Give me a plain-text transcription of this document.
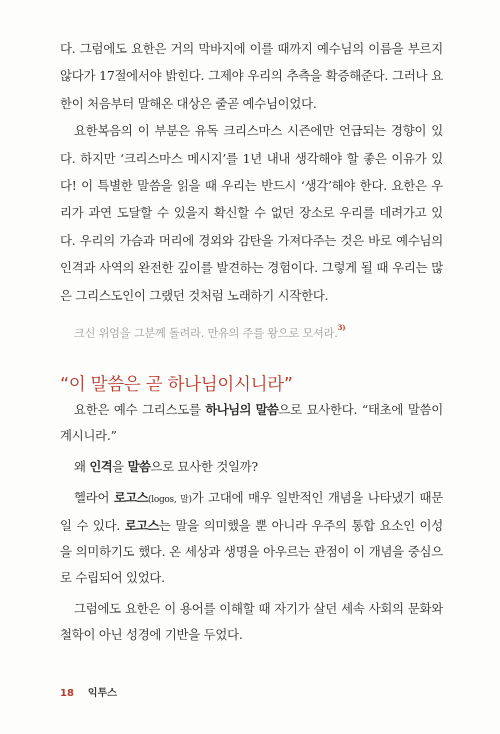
다. 그럼에도 요한은 거의 막바지에 이를 때까지 예수님의 이름을 부르지 않다가 17절에서야 밝힌다. 그제야 우리의 추측을 확증해준다. 그러나 요한이 처음부터 말해온 대상은 줄곧 예수님이었다.

요한복음의 이 부분은 유독 크리스마스 시즌에만 언급되는 경향이 있다. 하지만 ‘크리스마스 메시지’를 1년 내내 생각해야 할 좋은 이유가 있다! 이 특별한 말씀을 읽을 때 우리는 반드시 ‘생각’해야 한다. 요한은 우리가 과연 도달할 수 있을지 확신할 수 없던 장소로 우리를 데려가고 있다. 우리의 가슴과 머리에 경외와 감탄을 가져다주는 것은 바로 예수님의 인격과 사역의 완전한 깊이를 발견하는 경험이다. 그렇게 될 때 우리는 많은 그리스도인이 그랬던 것처럼 노래하기 시작한다.

크신 위엄을 그분께 돌려라. 만유의 주를 왕으로 모셔라.$^{3)}$
“이 말씀은 곧 하나님이시니라”

요한은 예수 그리스도를 하나님의 말씀으로 묘사한다. “태초에 말씀이 계시니라.”

왜 인격을 말씀으로 묘사한 것일까?

헬라어 로고스(logos, 말)가 고대에 매우 일반적인 개념을 나타냈기 때문일 수 있다. 로고스는 말을 의미했을 뿐 아니라 우주의 통합 요소인 이성을 의미하기도 했다. 온 세상과 생명을 아우르는 관점이 이 개념을 중심으로 수립되어 있었다.

그럼에도 요한은 이 용어를 이해할 때 자기가 살던 세속 사회의 문화와 철학이 아닌 성경에 기반을 두었다.

18 익투스
